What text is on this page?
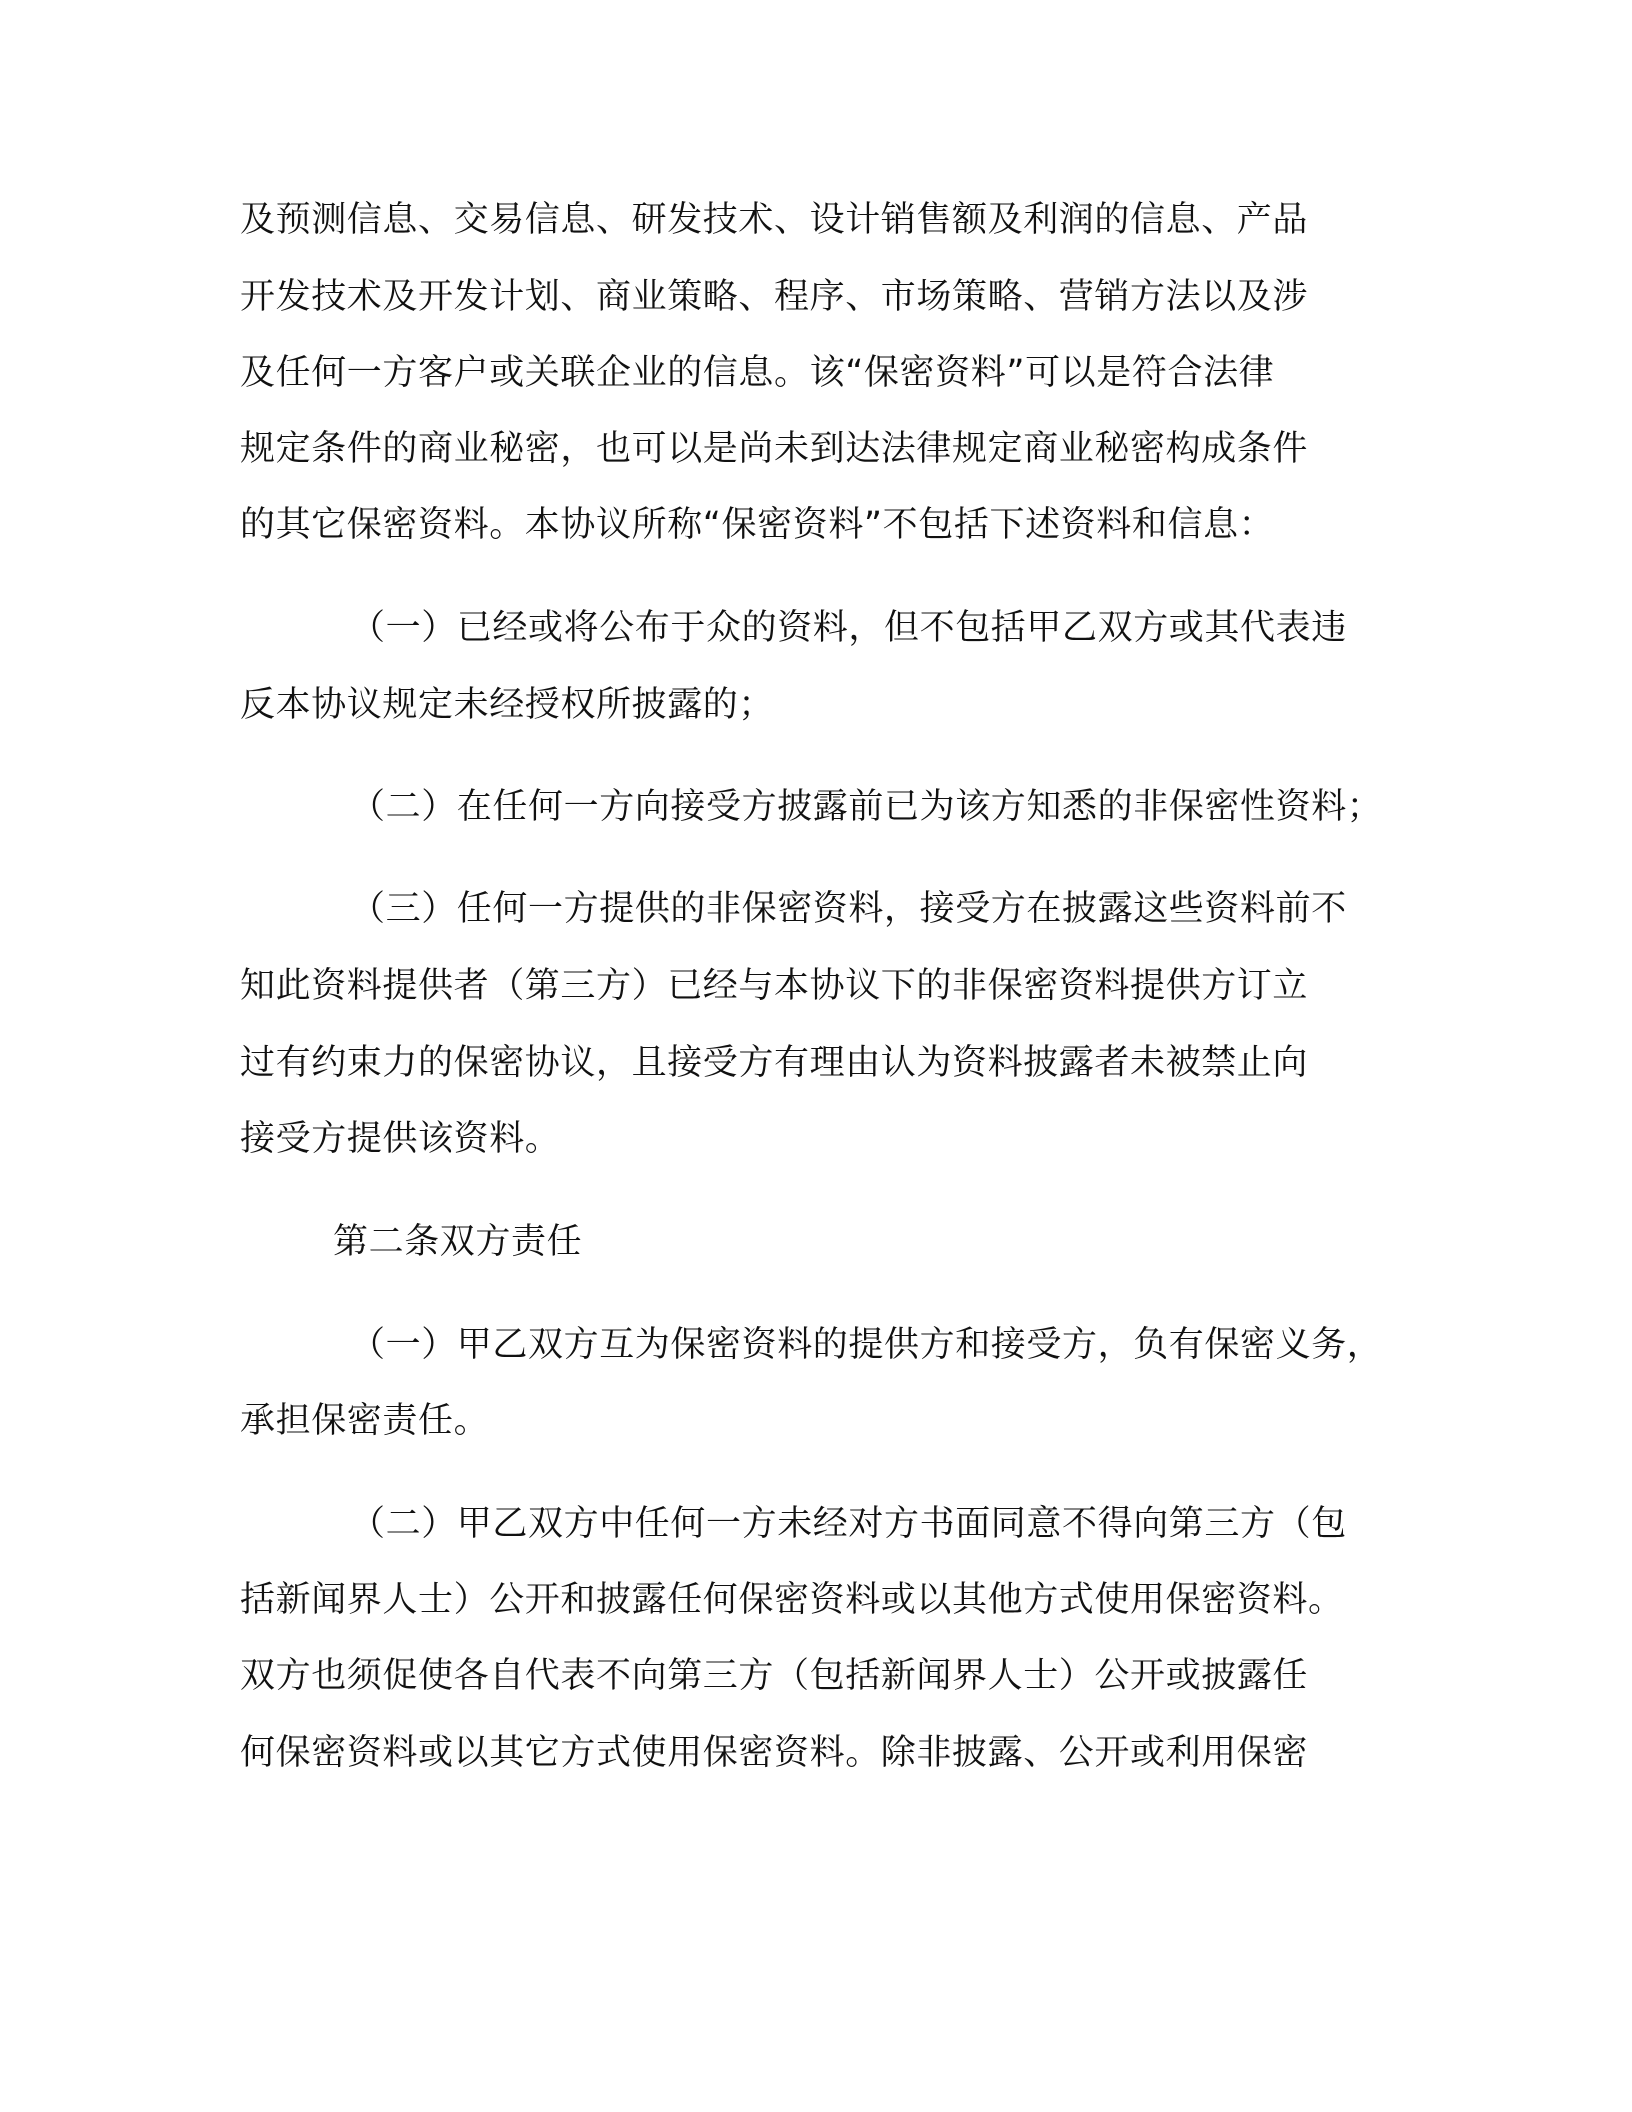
及预测信息、交易信息、研发技术、设计销售额及利润的信息、产品
开发技术及开发计划、商业策略、程序、市场策略、营销方法以及涉
及任何一方客户或关联企业的信息。该“保密资料”可以是符合法律
规定条件的商业秘密，也可以是尚未到达法律规定商业秘密构成条件
的其它保密资料。本协议所称“保密资料”不包括下述资料和信息：
（一）已经或将公布于众的资料，但不包括甲乙双方或其代表违
反本协议规定未经授权所披露的；
（二）在任何一方向接受方披露前已为该方知悉的非保密性资料；
（三）任何一方提供的非保密资料，接受方在披露这些资料前不
知此资料提供者（第三方）已经与本协议下的非保密资料提供方订立
过有约束力的保密协议，且接受方有理由认为资料披露者未被禁止向
接受方提供该资料。
第二条双方责任
（一）甲乙双方互为保密资料的提供方和接受方，负有保密义务，
承担保密责任。
（二）甲乙双方中任何一方未经对方书面同意不得向第三方（包
括新闻界人士）公开和披露任何保密资料或以其他方式使用保密资料。
双方也须促使各自代表不向第三方（包括新闻界人士）公开或披露任
何保密资料或以其它方式使用保密资料。除非披露、公开或利用保密
